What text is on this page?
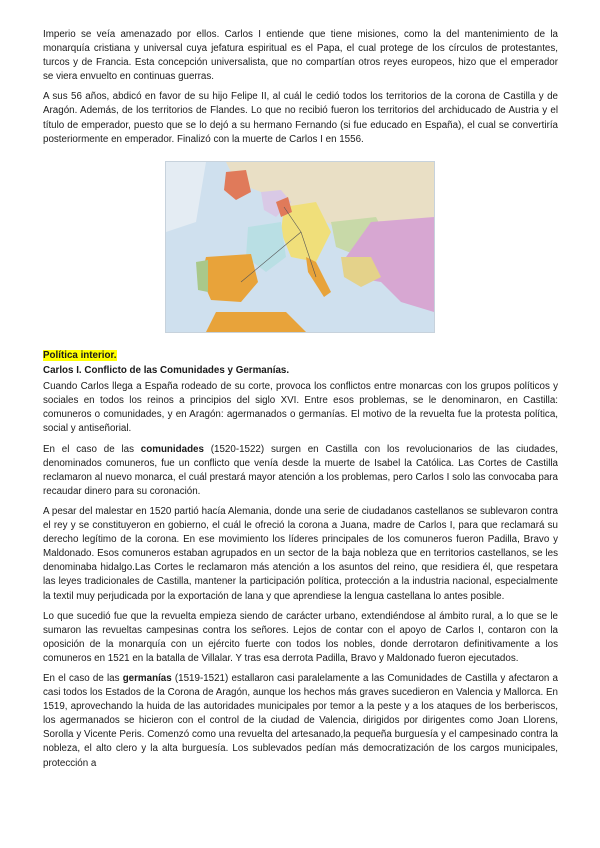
Imperio se veía amenazado por ellos. Carlos I entiende que tiene misiones, como la del mantenimiento de la monarquía cristiana y universal cuya jefatura espiritual es el Papa, el cual protege de los círculos de protestantes, turcos y de Francia. Esta concepción universalista, que no compartían otros reyes europeos, hizo que el emperador se viera envuelto en continuas guerras.

A sus 56 años, abdicó en favor de su hijo Felipe II, al cuál le cedió todos los territorios de la corona de Castilla y de Aragón. Además, de los territorios de Flandes. Lo que no recibió fueron los territorios del archiducado de Austria y el título de emperador, puesto que se lo dejó a su hermano Fernando (si fue educado en España), el cual se convertiría posteriormente en emperador. Finalizó con la muerte de Carlos I en 1556.

Política interior.
Carlos I. Conflicto de las Comunidades y Germanías.

Cuando Carlos llega a España rodeado de su corte, provoca los conflictos entre monarcas con los grupos políticos y sociales en todos los reinos a principios del siglo XVI. Entre esos problemas, se le denominaron, en Castilla: comuneros o comunidades, y en Aragón: agermanados o germanías. El motivo de la revuelta fue la protesta política, social y antiseñorial.

En el caso de las comunidades (1520-1522) surgen en Castilla con los revolucionarios de las ciudades, denominados comuneros, fue un conflicto que venía desde la muerte de Isabel la Católica. Las Cortes de Castilla reclamaron al nuevo monarca, el cuál prestará mayor atención a los problemas, pero Carlos I solo las convocaba para recaudar dinero para su coronación.

A pesar del malestar en 1520 partió hacía Alemania, donde una serie de ciudadanos castellanos se sublevaron contra el rey y se constituyeron en gobierno, el cuál le ofreció la corona a Juana, madre de Carlos I, para que reclamará su derecho legítimo de la corona. En ese movimiento los líderes principales de los comuneros fueron Padilla, Bravo y Maldonado. Esos comuneros estaban agrupados en un sector de la baja nobleza que en territorios castellanos, se les denominaba hidalgo.Las Cortes le reclamaron más atención a los asuntos del reino, que residiera él, que respetara las leyes tradicionales de Castilla, mantener la participación política, protección a la industria nacional, especialmente la textil muy perjudicada por la exportación de lana y que aprendiese la lengua castellana lo antes posible.

Lo que sucedió fue que la revuelta empieza siendo de carácter urbano, extendiéndose al ámbito rural, a lo que se le sumaron las revueltas campesinas contra los señores. Lejos de contar con el apoyo de Carlos I, contaron con la oposición de la monarquía con un ejército fuerte con todos los nobles, donde derrotaron definitivamente a los comuneros en 1521 en la batalla de Villalar. Y tras esa derrota Padilla, Bravo y Maldonado fueron ejecutados.

En el caso de las germanías (1519-1521) estallaron casi paralelamente a las Comunidades de Castilla y afectaron a casi todos los Estados de la Corona de Aragón, aunque los hechos más graves sucedieron en Valencia y Mallorca. En 1519, aprovechando la huida de las autoridades municipales por temor a la peste y a los ataques de los berberiscos, los agermanados se hicieron con el control de la ciudad de Valencia, dirigidos por dirigentes como Joan Llorens, Sorolla y Vicente Peris. Comenzó como una revuelta del artesanado,la pequeña burguesía y el campesinado contra la nobleza, el alto clero y la alta burguesía. Los sublevados pedían más democratización de los cargos municipales, protección a
